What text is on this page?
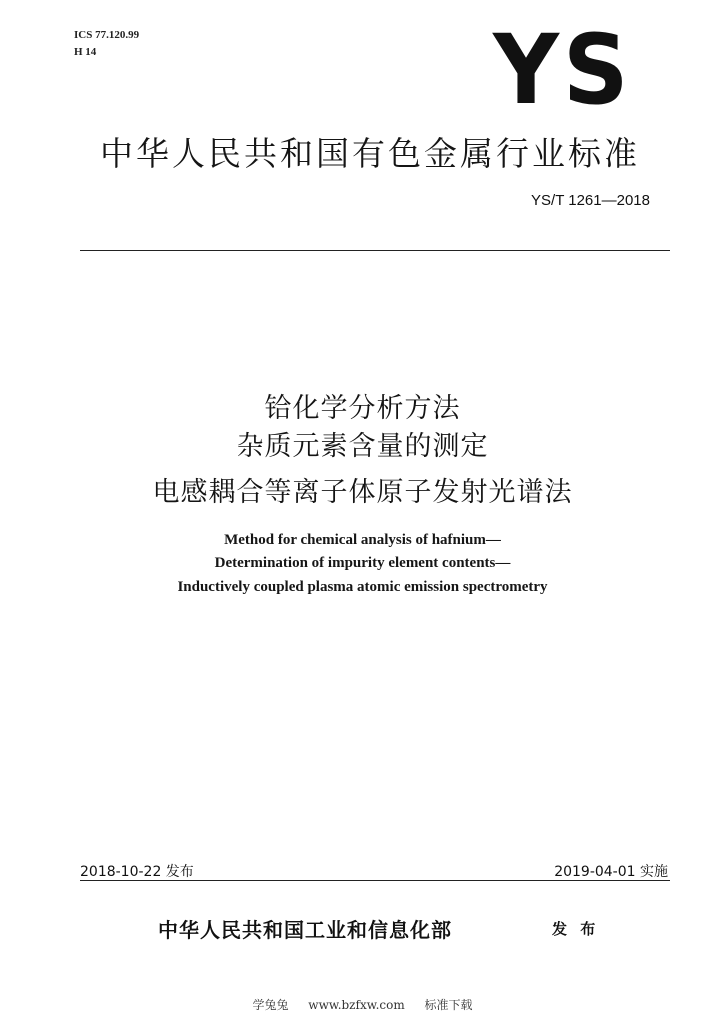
ICS 77.120.99
H 14	YS
中华人民共和国有色金属行业标准
YS/T 1261—2018
铪化学分析方法
杂质元素含量的测定
电感耦合等离子体原子发射光谱法
Method for chemical analysis of hafnium—
Determination of impurity element contents—
Inductively coupled plasma atomic emission spectrometry
2018-10-22 发布	2019-04-01 实施
中华人民共和国工业和信息化部	发 布
学兔兔 www.bzfxw.com 标准下载
